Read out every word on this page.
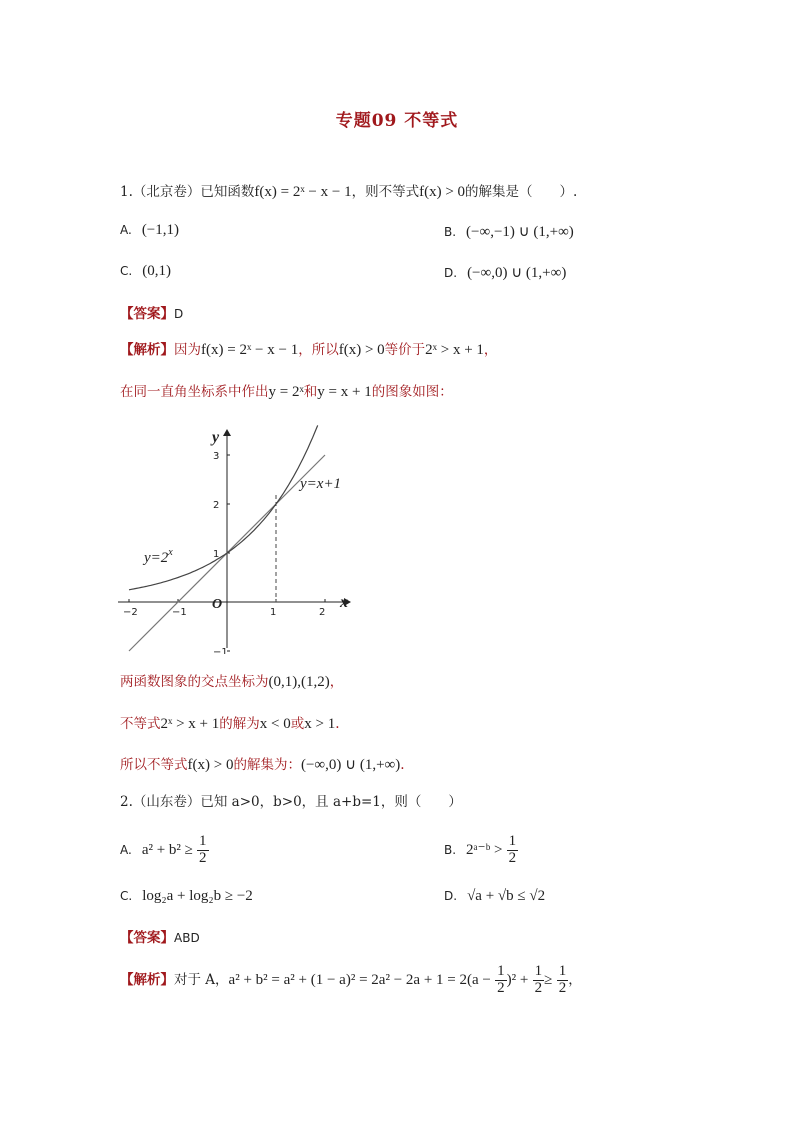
专题09 不等式
1.（北京卷）已知函数f(x) = 2ˣ − x − 1，则不等式f(x) > 0的解集是（　　）.
A. (−1,1)	B. (−∞,−1) ∪ (1,+∞)
C. (0,1)	D. (−∞,0) ∪ (1,+∞)
【答案】D
【解析】因为f(x) = 2ˣ − x − 1，所以f(x) > 0等价于2ˣ > x + 1，
在同一直角坐标系中作出y = 2ˣ和y = x + 1的图象如图：
−2	−1	1	2
3
2
1
−1
$y=2^x$
y=x+1
x
y
O
两函数图象的交点坐标为(0,1),(1,2)，
不等式2ˣ > x + 1的解为x < 0或x > 1.
所以不等式f(x) > 0的解集为：(−∞,0) ∪ (1,+∞).
2.（山东卷）已知 a>0，b>0，且 a+b=1，则（　　）
A. $a^2 + b^2 \ge \frac{1}{2}$	B. 2ᵃ⁻ᵇ > $\frac{1}{2}$
C. log₂a + log₂b ≥ −2	D. √a + √b ≤ √2
【答案】ABD
【解析】对于 A，$a^2 + b^2 = a^2 + (1 - a)^2 = 2a^2 - 2a + 1 = 2(a - \frac{1}{2} )^2 + \frac{1}{2} \ge \frac{1}{2}$ ，
